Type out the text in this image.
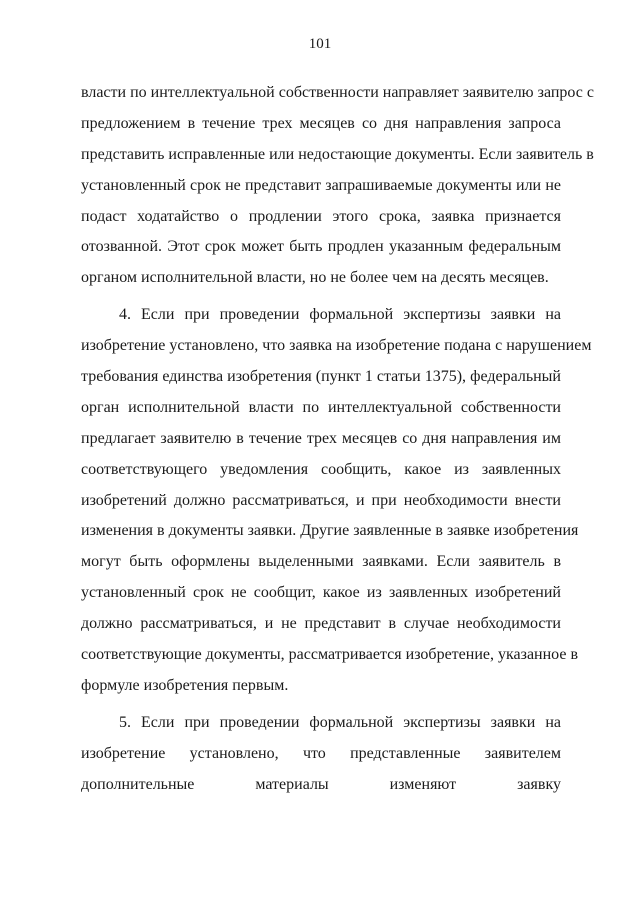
101
власти по интеллектуальной собственности направляет заявителю запрос с
предложением в течение трех месяцев со дня направления запроса
представить исправленные или недостающие документы. Если заявитель в
установленный срок не представит запрашиваемые документы или не
подаст ходатайство о продлении этого срока, заявка признается
отозванной. Этот срок может быть продлен указанным федеральным
органом исполнительной власти, но не более чем на десять месяцев.
4. Если при проведении формальной экспертизы заявки на
изобретение установлено, что заявка на изобретение подана с нарушением
требования единства изобретения (пункт 1 статьи 1375), федеральный
орган исполнительной власти по интеллектуальной собственности
предлагает заявителю в течение трех месяцев со дня направления им
соответствующего уведомления сообщить, какое из заявленных
изобретений должно рассматриваться, и при необходимости внести
изменения в документы заявки. Другие заявленные в заявке изобретения
могут быть оформлены выделенными заявками. Если заявитель в
установленный срок не сообщит, какое из заявленных изобретений
должно рассматриваться, и не представит в случае необходимости
соответствующие документы, рассматривается изобретение, указанное в
формуле изобретения первым.
5. Если при проведении формальной экспертизы заявки на
изобретение установлено, что представленные заявителем
дополнительные материалы изменяют заявку
